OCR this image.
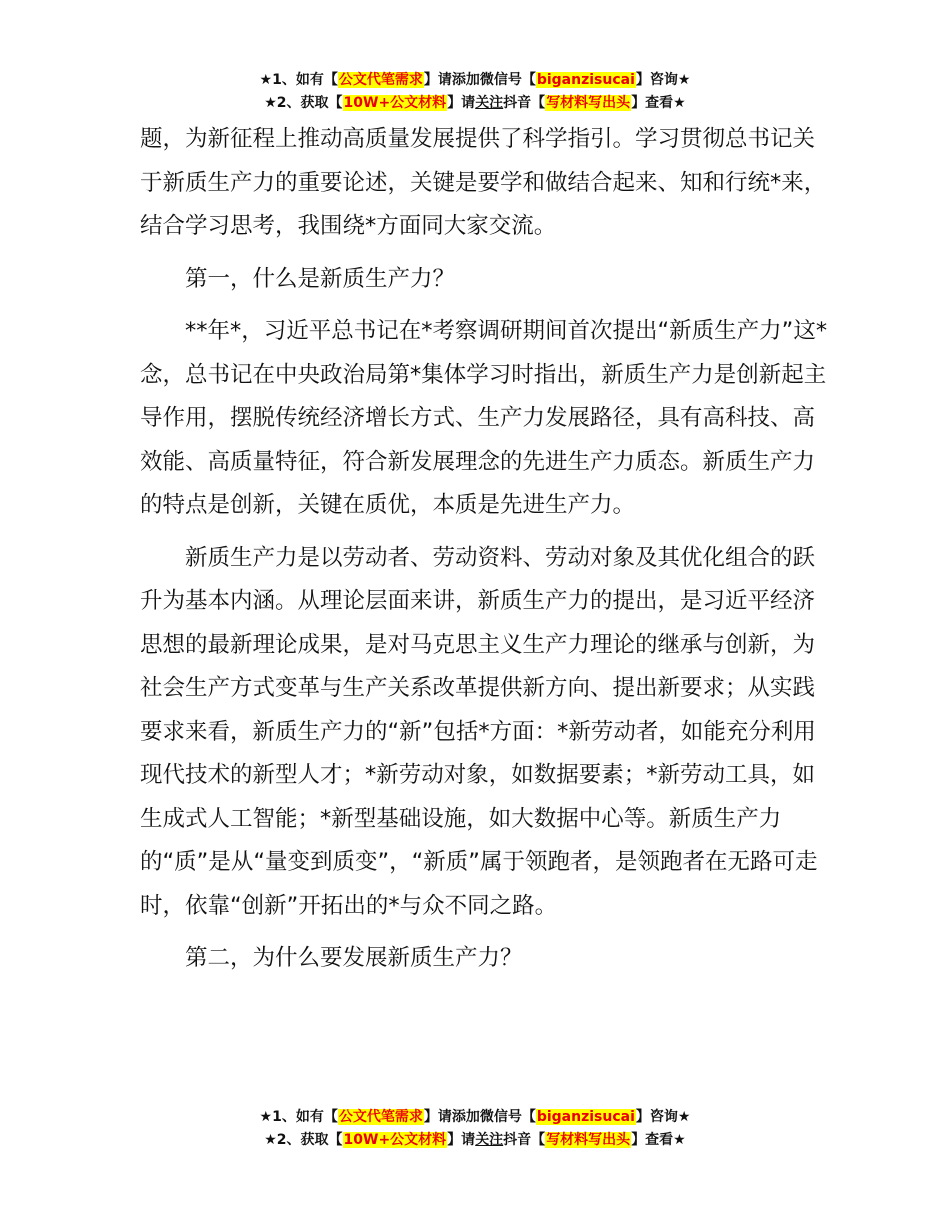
★1、如有【公文代笔需求】请添加微信号【biganzisucai】咨询★
★2、获取【10W+公文材料】请关注抖音【写材料写出头】查看★

题，为新征程上推动高质量发展提供了科学指引。学习贯彻总书记关于新质生产力的重要论述，关键是要学和做结合起来、知和行统*来，结合学习思考，我围绕*方面同大家交流。

第一，什么是新质生产力？

**年*，习近平总书记在*考察调研期间首次提出“新质生产力”这*念，总书记在中央政治局第*集体学习时指出，新质生产力是创新起主导作用，摆脱传统经济增长方式、生产力发展路径，具有高科技、高效能、高质量特征，符合新发展理念的先进生产力质态。新质生产力的特点是创新，关键在质优，本质是先进生产力。

新质生产力是以劳动者、劳动资料、劳动对象及其优化组合的跃升为基本内涵。从理论层面来讲，新质生产力的提出，是习近平经济思想的最新理论成果，是对马克思主义生产力理论的继承与创新，为社会生产方式变革与生产关系改革提供新方向、提出新要求；从实践要求来看，新质生产力的“新”包括*方面：*新劳动者，如能充分利用现代技术的新型人才；*新劳动对象，如数据要素；*新劳动工具，如生成式人工智能；*新型基础设施，如大数据中心等。新质生产力的“质”是从“量变到质变”，“新质”属于领跑者，是领跑者在无路可走时，依靠“创新”开拓出的*与众不同之路。

第二，为什么要发展新质生产力？

★1、如有【公文代笔需求】请添加微信号【biganzisucai】咨询★
★2、获取【10W+公文材料】请关注抖音【写材料写出头】查看★
